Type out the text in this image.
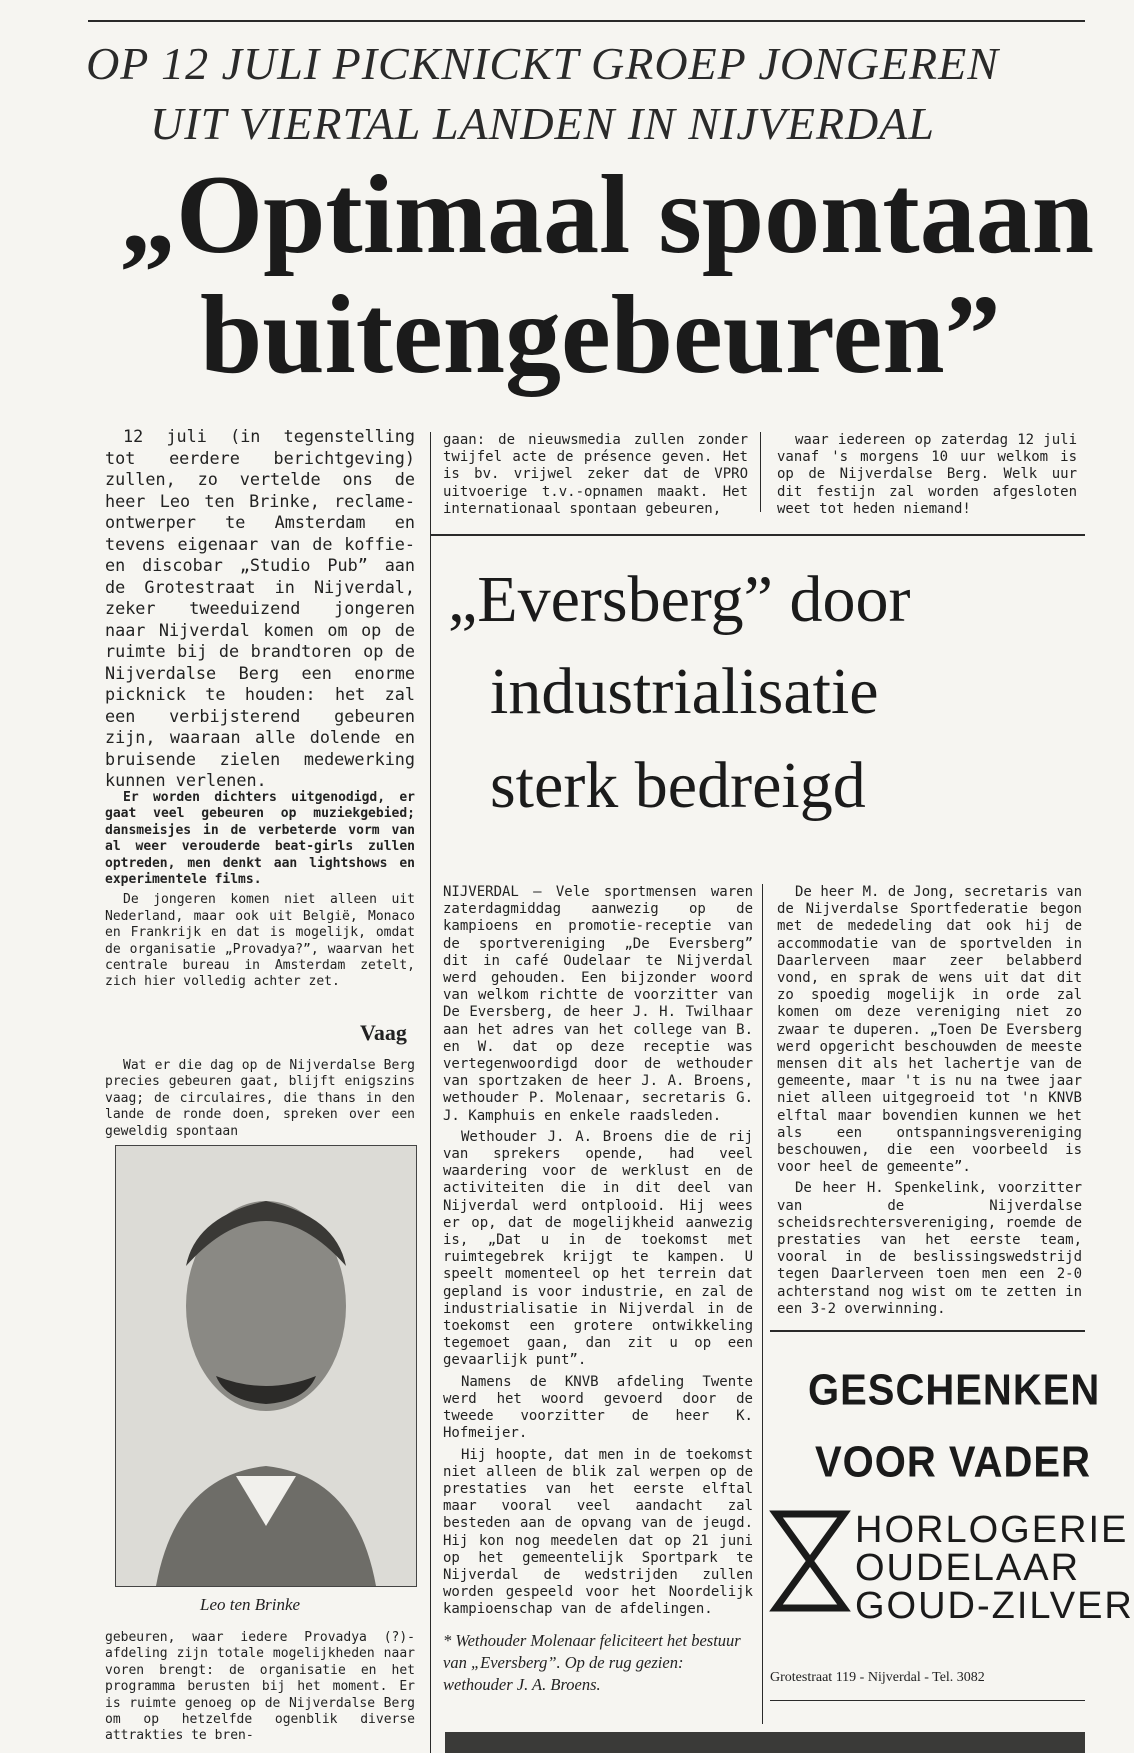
OP 12 JULI PICKNICKT GROEP JONGEREN
UIT VIERTAL LANDEN IN NIJVERDAL
„Optimaal spontaan
buitengebeuren”

12 juli (in tegenstelling tot eerdere berichtgeving) zullen, zo vertelde ons de heer Leo ten Brinke, reclame-ontwerper te Amsterdam en tevens eigenaar van de koffie- en discobar „Studio Pub” aan de Grotestraat in Nijverdal, zeker tweeduizend jongeren naar Nijverdal komen om op de ruimte bij de brandtoren op de Nijverdalse Berg een enorme picknick te houden: het zal een verbijsterend gebeuren zijn, waaraan alle dolende en bruisende zielen medewerking kunnen verlenen.

Er worden dichters uitgenodigd, er gaat veel gebeuren op muziekgebied; dansmeisjes in de verbeterde vorm van al weer verouderde beat-girls zullen optreden, men denkt aan lightshows en experimentele films.

De jongeren komen niet alleen uit Nederland, maar ook uit België, Monaco en Frankrijk en dat is mogelijk, omdat de organisatie „Provadya?”, waarvan het centrale bureau in Amsterdam zetelt, zich hier volledig achter zet.

Vaag

Wat er die dag op de Nijverdalse Berg precies gebeuren gaat, blijft enigszins vaag; de circulaires, die thans in den lande de ronde doen, spreken over een geweldig spontaan

Leo ten Brinke

gebeuren, waar iedere Provadya (?)-afdeling zijn totale mogelijkheden naar voren brengt: de organisatie en het programma berusten bij het moment. Er is ruimte genoeg op de Nijverdalse Berg om op hetzelfde ogenblik diverse attrakties te bren-

gaan: de nieuwsmedia zullen zonder twijfel acte de présence geven. Het is bv. vrijwel zeker dat de VPRO uitvoerige t.v.-opnamen maakt. Het internationaal spontaan gebeuren,

waar iedereen op zaterdag 12 juli vanaf 's morgens 10 uur welkom is op de Nijverdalse Berg. Welk uur dit festijn zal worden afgesloten weet tot heden niemand!

„Eversberg” door
industrialisatie
sterk bedreigd

NIJVERDAL — Vele sportmensen waren zaterdagmiddag aanwezig op de kampioens en promotie-receptie van de sportvereniging „De Eversberg” dit in café Oudelaar te Nijverdal werd gehouden. Een bijzonder woord van welkom richtte de voorzitter van De Eversberg, de heer J. H. Twilhaar aan het adres van het college van B. en W. dat op deze receptie was vertegenwoordigd door de wethouder van sportzaken de heer J. A. Broens, wethouder P. Molenaar, secretaris G. J. Kamphuis en enkele raadsleden.

Wethouder J. A. Broens die de rij van sprekers opende, had veel waardering voor de werklust en de activiteiten die in dit deel van Nijverdal werd ontplooid. Hij wees er op, dat de mogelijkheid aanwezig is, „Dat u in de toekomst met ruimtegebrek krijgt te kampen. U speelt momenteel op het terrein dat gepland is voor industrie, en zal de industrialisatie in Nijverdal in de toekomst een grotere ontwikkeling tegemoet gaan, dan zit u op een gevaarlijk punt”.

Namens de KNVB afdeling Twente werd het woord gevoerd door de tweede voorzitter de heer K. Hofmeijer.

Hij hoopte, dat men in de toekomst niet alleen de blik zal werpen op de prestaties van het eerste elftal maar vooral veel aandacht zal besteden aan de opvang van de jeugd. Hij kon nog meedelen dat op 21 juni op het gemeentelijk Sportpark te Nijverdal de wedstrijden zullen worden gespeeld voor het Noordelijk kampioenschap van de afdelingen.

De heer M. de Jong, secretaris van de Nijverdalse Sportfederatie begon met de mededeling dat ook hij de accommodatie van de sportvelden in Daarlerveen maar zeer belabberd vond, en sprak de wens uit dat dit zo spoedig mogelijk in orde zal komen om deze vereniging niet zo zwaar te duperen. „Toen De Eversberg werd opgericht beschouwden de meeste mensen dit als het lachertje van de gemeente, maar 't is nu na twee jaar niet alleen uitgegroeid tot 'n KNVB elftal maar bovendien kunnen we het als een ontspanningsvereniging beschouwen, die een voorbeeld is voor heel de gemeente”.

De heer H. Spenkelink, voorzitter van de Nijverdalse scheidsrechtersvereniging, roemde de prestaties van het eerste team, vooral in de beslissingswedstrijd tegen Daarlerveen toen men een 2-0 achterstand nog wist om te zetten in een 3-2 overwinning.

* Wethouder Molenaar feliciteert het bestuur van „Eversberg”. Op de rug gezien: wethouder J. A. Broens.
GESCHENKEN
VOOR VADER
HORLOGERIE
OUDELAAR
GOUD-ZILVER
Grotestraat 119 - Nijverdal - Tel. 3082
